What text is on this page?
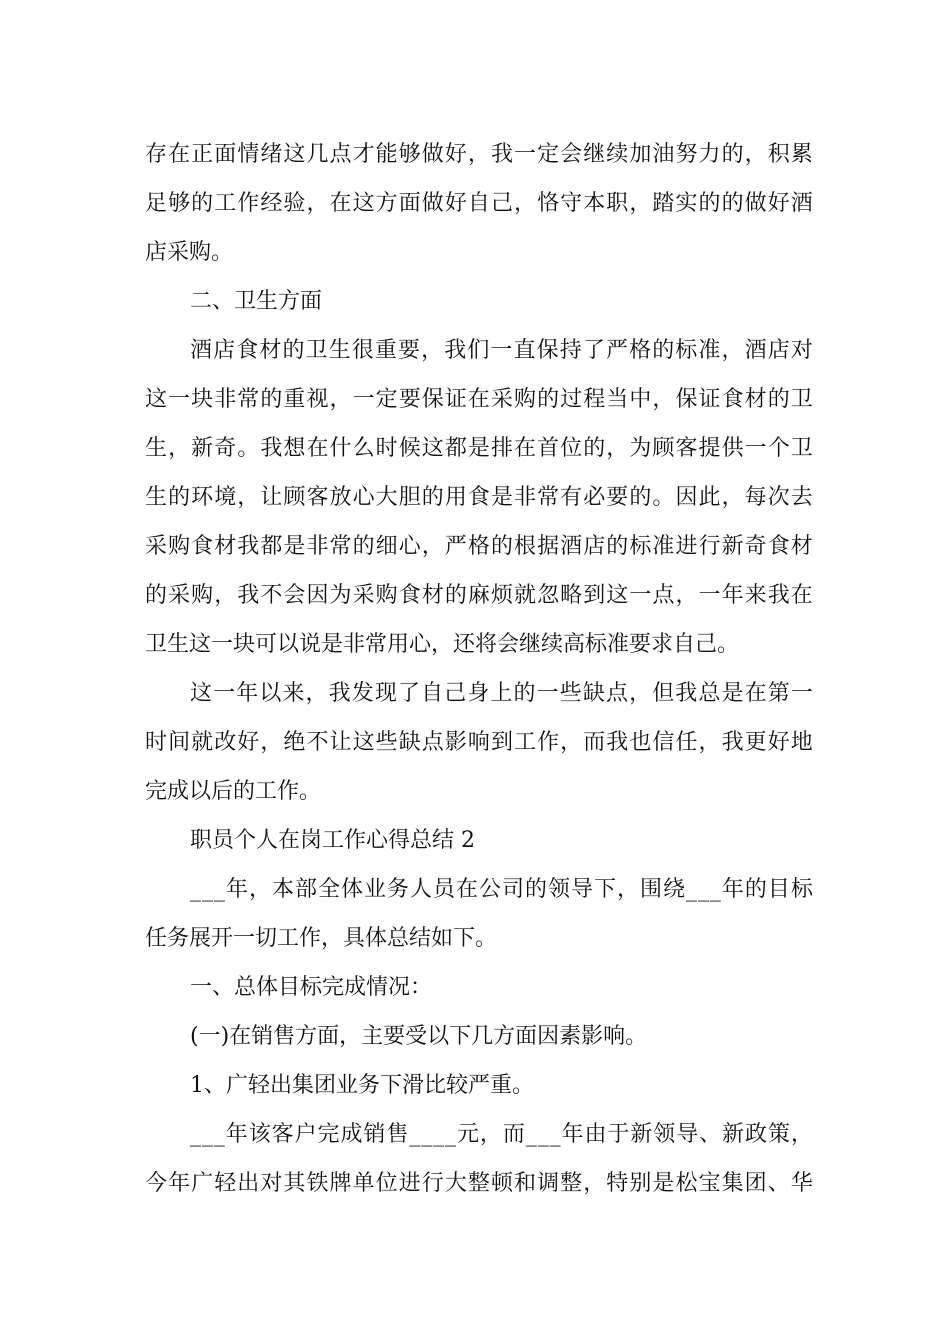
存 在 正 面 情 绪 这 几 点 才 能 够 做 好 ， 我 一 定 会 继 续 加 油 努 力 的 ， 积 累
足 够 的 工 作 经 验 ， 在 这 方 面 做 好 自 己 ， 恪 守 本 职 ， 踏 实 的 的 做 好 酒
店采购。
二、卫生方面
酒 店 食 材 的 卫 生 很 重 要 ， 我 们 一 直 保 持 了 严 格 的 标 准 ， 酒 店 对
这 一 块 非 常 的 重 视 ， 一 定 要 保 证 在 采 购 的 过 程 当 中 ， 保 证 食 材 的 卫
生 ， 新 奇 。 我 想 在 什 么 时 候 这 都 是 排 在 首 位 的 ， 为 顾 客 提 供 一 个 卫
生 的 环 境 ， 让 顾 客 放 心 大 胆 的 用 食 是 非 常 有 必 要 的 。 因 此 ， 每 次 去
采 购 食 材 我 都 是 非 常 的 细 心 ， 严 格 的 根 据 酒 店 的 标 准 进 行 新 奇 食 材
的 采 购 ， 我 不 会 因 为 采 购 食 材 的 麻 烦 就 忽 略 到 这 一 点 ， 一 年 来 我 在
卫生这一块可以说是非常用心，还将会继续高标准要求自己。
这 一 年 以 来 ， 我 发 现 了 自 己 身 上 的 一 些 缺 点 ， 但 我 总 是 在 第 一
时 间 就 改 好 ， 绝 不 让 这 些 缺 点 影 响 到 工 作 ， 而 我 也 信 任 ， 我 更 好 地
完成以后的工作。
职员个人在岗工作心得总结 2
_ _ _ 年 ， 本 部 全 体 业 务 人 员 在 公 司 的 领 导 下 ， 围 绕 _ _ _ 年 的 目 标
任务展开一切工作，具体总结如下。
一、总体目标完成情况：
(一)在销售方面，主要受以下几方面因素影响。
1、广轻出集团业务下滑比较严重。
_ _ _ 年 该 客 户 完 成 销 售 _ _ _ _ 元 ， 而 _ _ _ 年 由 于 新 领 导 、 新 政 策 ，
今 年 广 轻 出 对 其 铁 牌 单 位 进 行 大 整 顿 和 调 整 ， 特 别 是 松 宝 集 团 、 华
